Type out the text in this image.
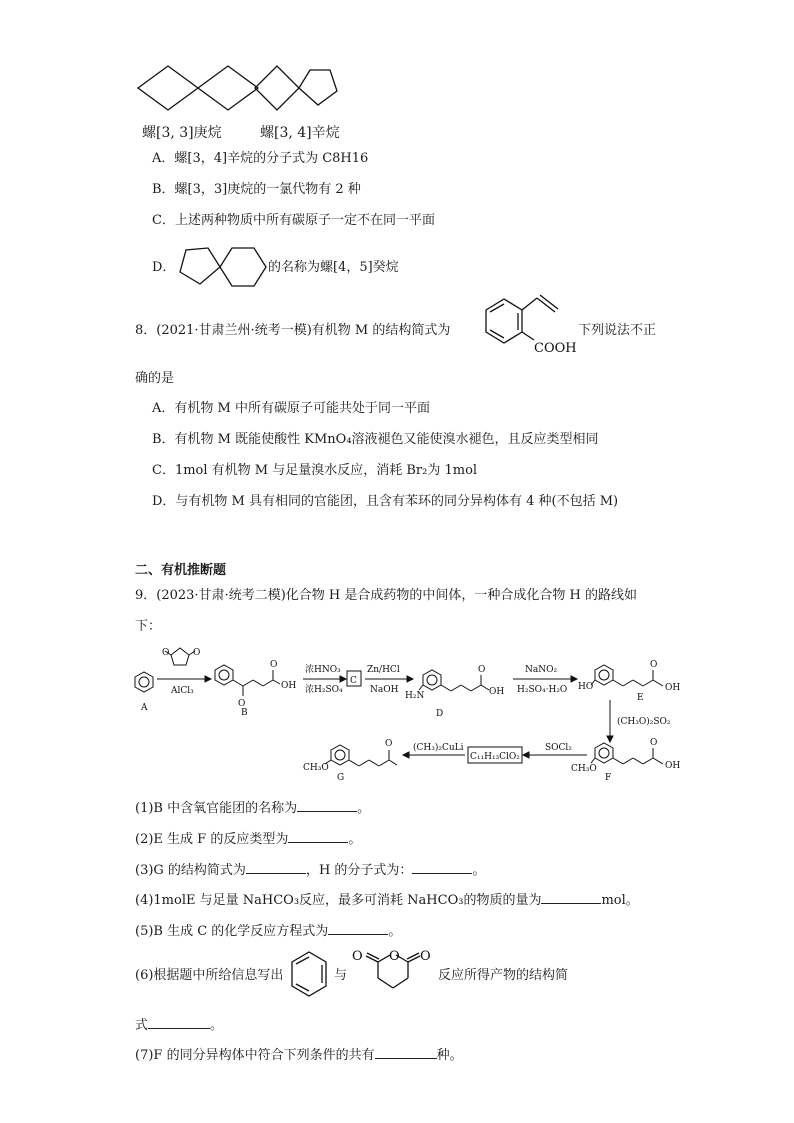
螺[3, 3]庚烷	螺[3, 4]辛烷
A．螺[3，4]辛烷的分子式为 C8H16
B．螺[3，3]庚烷的一氯代物有 2 种
C．上述两种物质中所有碳原子一定不在同一平面
D．	的名称为螺[4，5]癸烷
8．(2021·甘肃兰州·统考一模)有机物 M 的结构简式为
COOH
下列说法不正
确的是
A．有机物 M 中所有碳原子可能共处于同一平面
B．有机物 M 既能使酸性 KMnO₄溶液褪色又能使溴水褪色，且反应类型相同
C．1mol 有机物 M 与足量溴水反应，消耗 Br₂为 1mol
D．与有机物 M 具有相同的官能团，且含有苯环的同分异构体有 4 种(不包括 M)
二、有机推断题
9．(2023·甘肃·统考二模)化合物 H 是合成药物的中间体，一种合成化合物 H 的路线如
下：
O	O
AlCl₃
A	O
O
OH
B
浓HNO₃
浓H₂SO₄
C
Zn/HCl
NaOH
H₂N
O
OH
D
NaNO₂
H₂SO₄·H₂O HO
O
OH
E
(CH₃O)₂SO₂
CH₃O
O
OH
F
SOCl₂
C₁₁H₁₃ClO₂
(CH₃)₂CuLi
O
CH₃O
G
(1)B 中含氧官能团的名称为	。
(2)E 生成 F 的反应类型为	。
(3)G 的结构简式为	，H 的分子式为：	。
(4)1molE 与足量 NaHCO₃反应，最多可消耗 NaHCO₃的物质的量为	mol。
(5)B 生成 C 的化学反应方程式为	。
(6)根据题中所给信息写出	与
O
O	O
反应所得产物的结构简
式	。
(7)F 的同分异构体中符合下列条件的共有	种。
